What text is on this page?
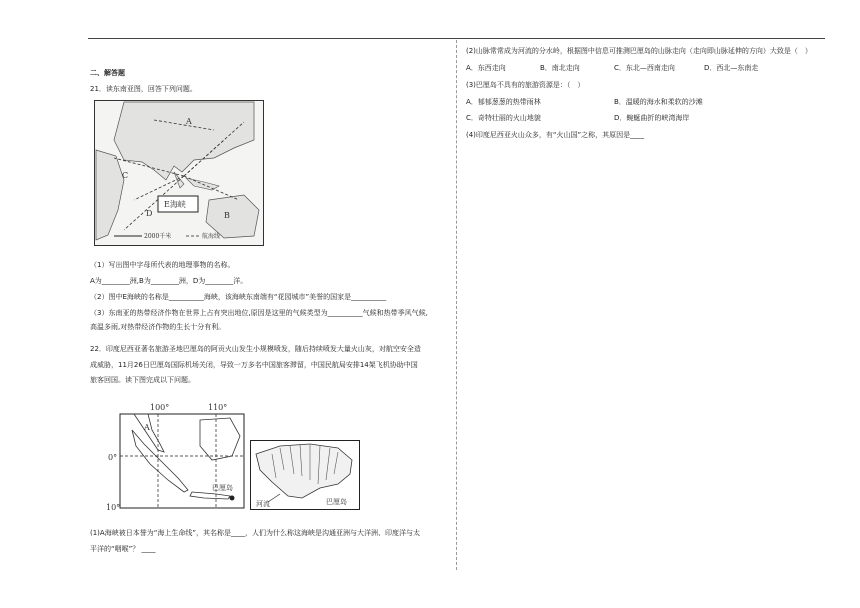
二、解答题
21．读东南亚图，回答下列问题。
A
C
D	B
E海峡
2000千米	航海线
（1）写出图中字母所代表的地理事物的名称。
A为________洲,B为________洲，D为________洋。
（2）图中E海峡的名称是__________海峡，该海峡东南端有“花园城市”美誉的国家是__________
（3）东南亚的热带经济作物在世界上占有突出地位,原因是这里的气候类型为__________气候和热带季风气候,
高温多雨,对热带经济作物的生长十分有利。
22．印度尼西亚著名旅游圣地巴厘岛的阿贡火山发生小规模喷发，随后持续喷发大量火山灰，对航空安全造
成威胁，11月26日巴厘岛国际机场关闭，导致一万多名中国旅客滞留，中国民航局安排14架飞机协助中国
旅客回国。读下图完成以下问题。
100°	110°
0°
10°
A
巴厘岛
河流	巴厘岛
(1)A海峡被日本誉为“海上生命线”，其名称是____，人们为什么称这海峡是沟通亚洲与大洋洲、印度洋与太
平洋的“咽喉”？ ____
(2)山脉常常成为河流的分水岭，根据图中信息可推测巴厘岛的山脉走向（走向即山脉延伸的方向）大致是（　）
A．东西走向	B．南北走向	C．东北—西南走向	D．西北—东南走
(3)巴厘岛不具有的旅游资源是：（　）
A．郁郁葱葱的热带雨林	B．温暖的海水和柔软的沙滩
C．奇特壮丽的火山地貌	D．蜿蜒曲折的峡湾海岸
(4)印度尼西亚火山众多，有“火山国”之称，其原因是____
